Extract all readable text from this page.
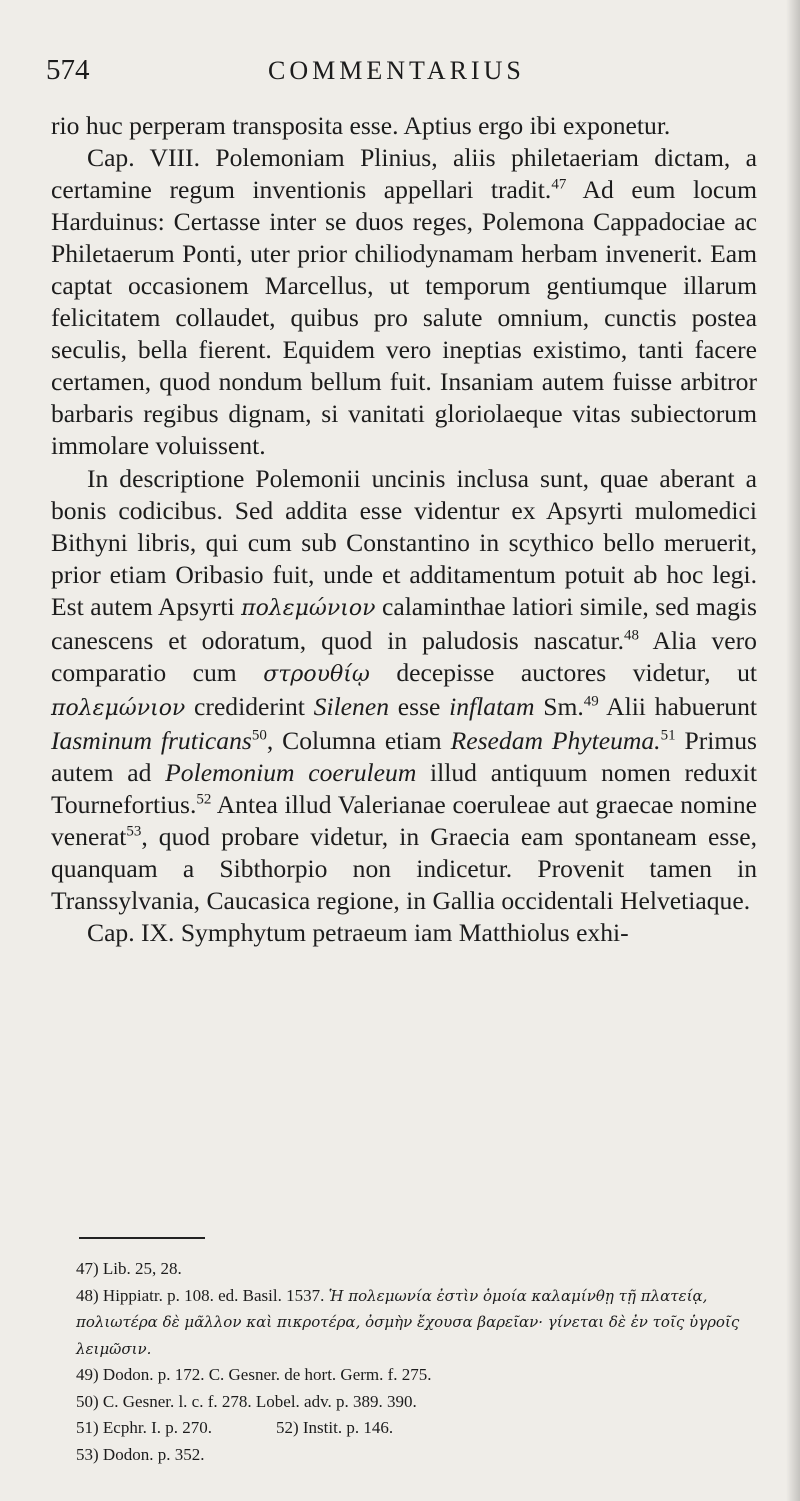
574	COMMENTARIUS

rio huc perperam transposita esse. Aptius ergo ibi exponetur.

Cap. VIII. Polemoniam Plinius, aliis philetaeriam dictam, a certamine regum inventionis appellari tradit.$^{47}$ Ad eum locum Harduinus: Certasse inter se duos reges, Polemona Cappadociae ac Philetaerum Ponti, uter prior chiliodynamam herbam invenerit. Eam captat occasionem Marcellus, ut temporum gentiumque illarum felicitatem collaudet, quibus pro salute omnium, cunctis postea seculis, bella fierent. Equidem vero ineptias existimo, tanti facere certamen, quod nondum bellum fuit. Insaniam autem fuisse arbitror barbaris regibus dignam, si vanitati gloriolaeque vitas subiectorum immolare voluissent.

In descriptione Polemonii uncinis inclusa sunt, quae aberant a bonis codicibus. Sed addita esse videntur ex Apsyrti mulomedici Bithyni libris, qui cum sub Constantino in scythico bello meruerit, prior etiam Oribasio fuit, unde et additamentum potuit ab hoc legi. Est autem Apsyrti πολεμώνιον calaminthae latiori simile, sed magis canescens et odoratum, quod in paludosis nascatur.$^{48}$ Alia vero comparatio cum στρουθίῳ decepisse auctores videtur, ut πολεμώνιον crediderint Silenen esse inflatam Sm.$^{49}$ Alii habuerunt Iasminum fruticans$^{50}$, Columna etiam Resedam Phyteuma.$^{51}$ Primus autem ad Polemonium coeruleum illud antiquum nomen reduxit Tournefortius.$^{52}$ Antea illud Valerianae coeruleae aut graecae nomine venerat$^{53}$, quod probare videtur, in Graecia eam spontaneam esse, quanquam a Sibthorpio non indicetur. Provenit tamen in Transsylvania, Caucasica regione, in Gallia occidentali Helvetiaque.

Cap. IX. Symphytum petraeum iam Matthiolus exhi-

47) Lib. 25, 28.

48) Hippiatr. p. 108. ed. Basil. 1537. Ἡ πολεμωνία ἐστὶν ὁμοία καλαμίνθῃ τῇ πλατείᾳ, πολιωτέρα δὲ μᾶλλον καὶ πικροτέρα, ὀσμὴν ἔχουσα βαρεῖαν· γίνεται δὲ ἐν τοῖς ὑγροῖς λειμῶσιν.

49) Dodon. p. 172. C. Gesner. de hort. Germ. f. 275.

50) C. Gesner. l. c. f. 278. Lobel. adv. p. 389. 390.

51) Ecphr. I. p. 270.	52) Instit. p. 146.

53) Dodon. p. 352.
